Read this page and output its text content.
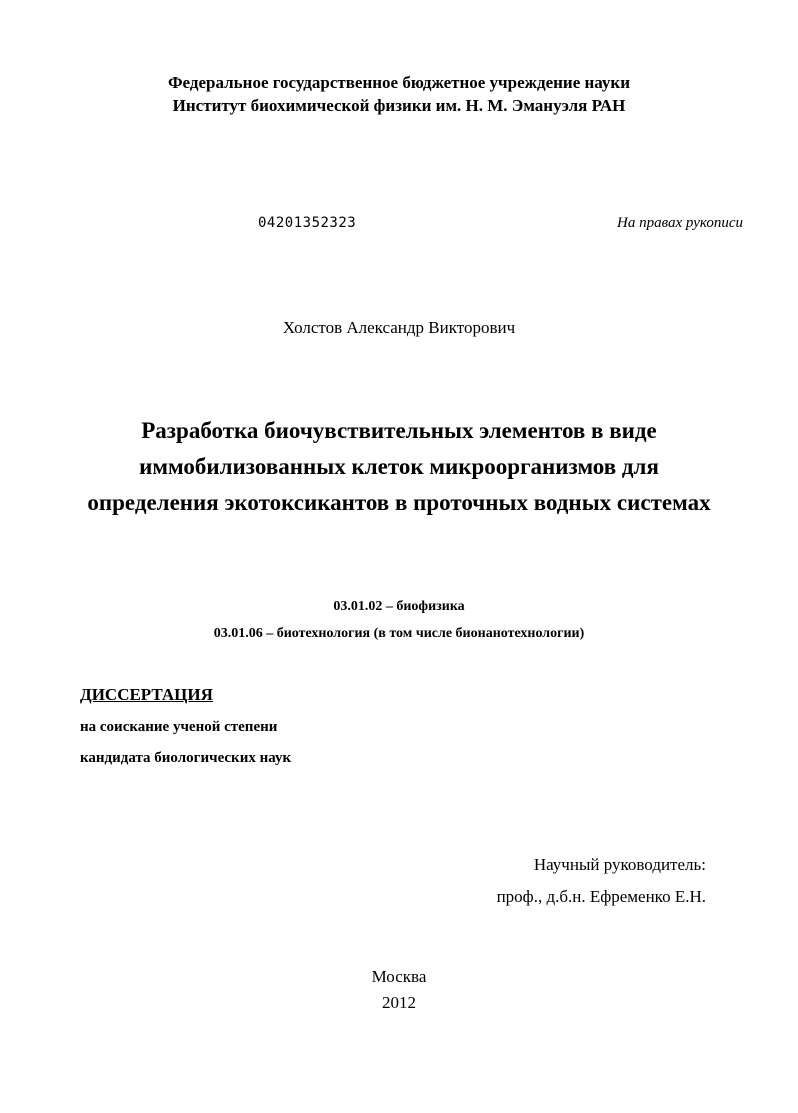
Федеральное государственное бюджетное учреждение науки
Институт биохимической физики им. Н. М. Эмануэля РАН
04201352323	На правах рукописи
Холстов Александр Викторович
Разработка биочувствительных элементов в виде
иммобилизованных клеток микроорганизмов для
определения экотоксикантов в проточных водных системах
03.01.02 – биофизика
03.01.06 – биотехнология (в том числе бионанотехнологии)
ДИССЕРТАЦИЯ
на соискание ученой степени
кандидата биологических наук
Научный руководитель:
проф., д.б.н. Ефременко Е.Н.
Москва
2012
